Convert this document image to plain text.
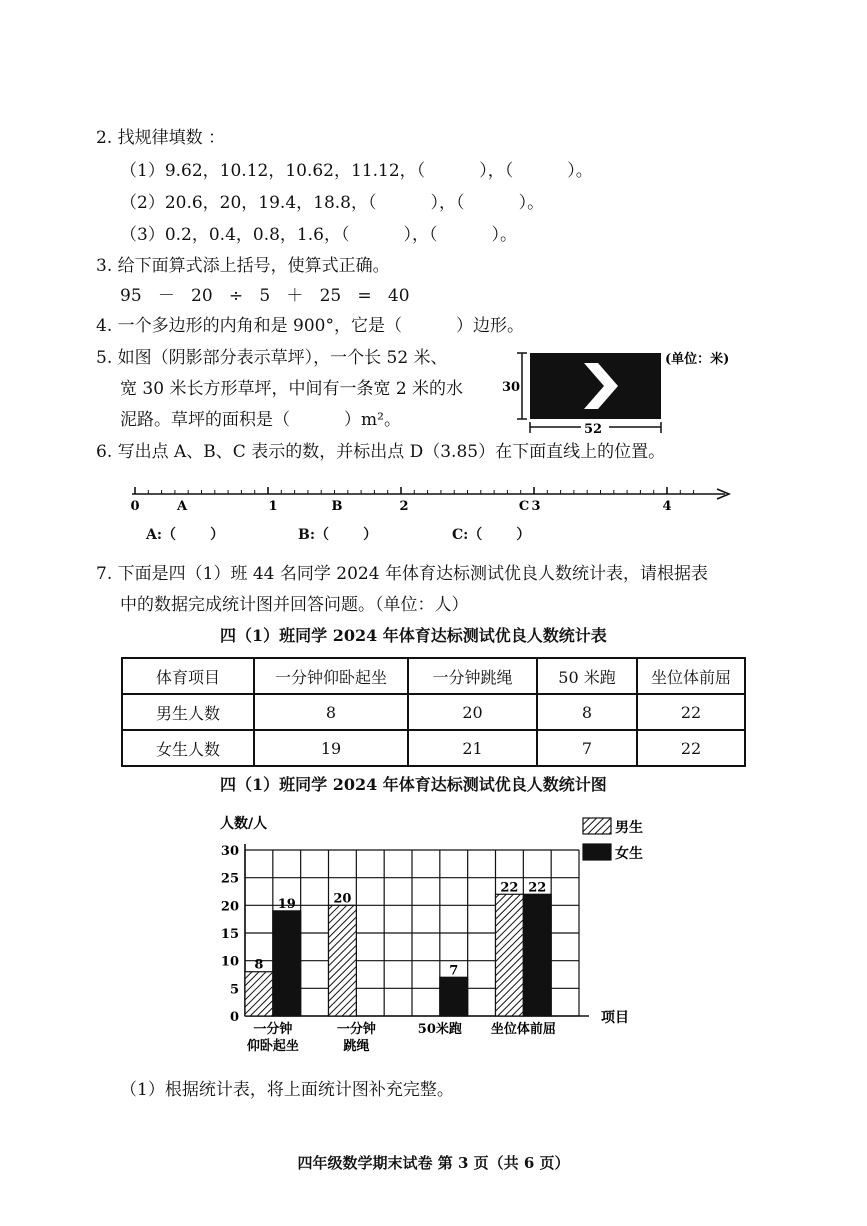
2. 找规律填数 ：
（1）9.62，10.12，10.62，11.12，（          ），（          ）。
（2）20.6，20，19.4，18.8，（          ），（          ）。
（3）0.2，0.4，0.8，1.6，（          ），（          ）。
3. 给下面算式添上括号，使算式正确。
95   －   20   ÷   5   ＋   25   =   40
4. 一个多边形的内角和是 900°，它是（          ）边形。
5. 如图（阴影部分表示草坪），一个长 52 米、
宽 30 米长方形草坪，中间有一条宽 2 米的水
泥路。草坪的面积是（          ）m²。
30
52
(单位：米)
6. 写出点 A、B、C 表示的数，并标出点 D（3.85）在下面直线上的位置。
0	1	2	3	4
A	B	C
A:（       ）	B:（       ）	C:（       ）
7. 下面是四（1）班 44 名同学 2024 年体育达标测试优良人数统计表，请根据表
中的数据完成统计图并回答问题。（单位：人）
四（1）班同学 2024 年体育达标测试优良人数统计表
体育项目	一分钟仰卧起坐	一分钟跳绳	50 米跑	坐位体前屈
男生人数	8	20	8	22
女生人数	19	21	7	22
四（1）班同学 2024 年体育达标测试优良人数统计图
0
5
10
15
20
25
30
人数/人
项目
8
19
一分钟
仰卧起坐
20
一分钟
跳绳
7
50米跑
22 22
坐位体前屈
男生
女生
（1）根据统计表，将上面统计图补充完整。
四年级数学期末试卷 第 3 页（共 6 页）
